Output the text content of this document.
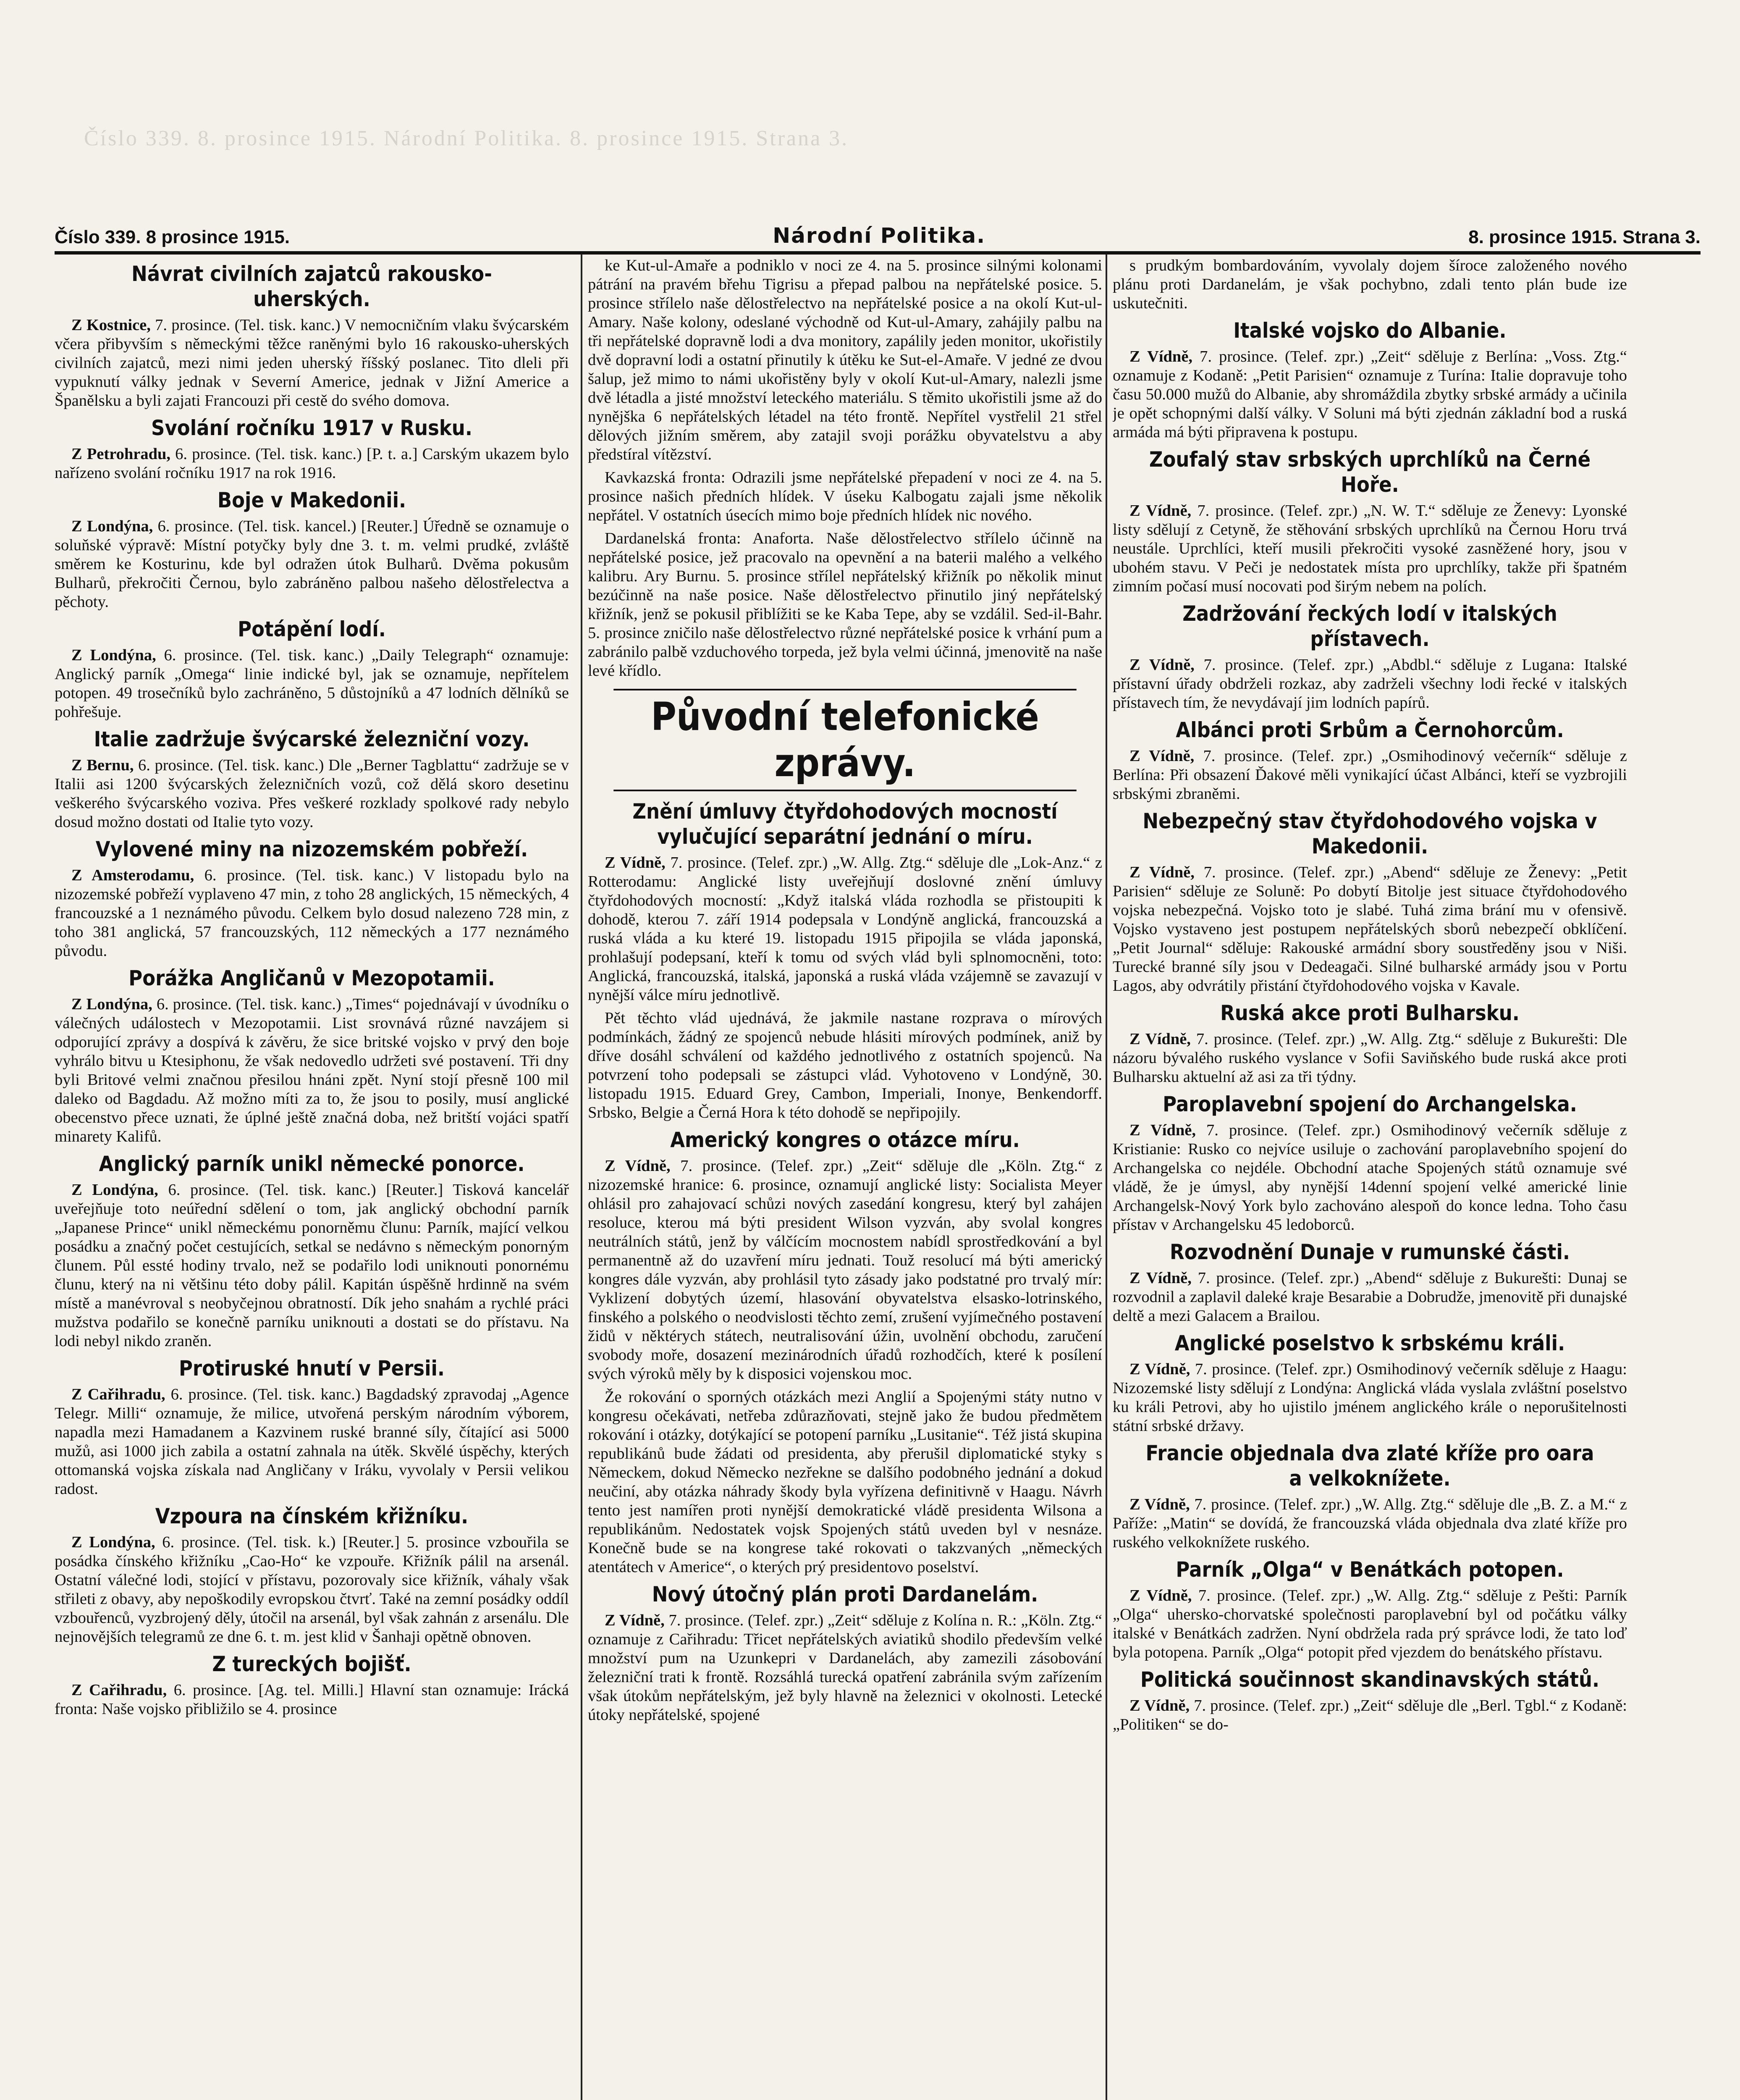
Číslo 339. 8. prosince 1915. Národní Politika. 8. prosince 1915. Strana 3.
Číslo 339. 8 prosince 1915.	Národní Politika.	8. prosince 1915. Strana 3.
Návrat civilních zajatců rakousko-uherských.

Z Kostnice, 7. prosince. (Tel. tisk. kanc.) V nemocničním vlaku švýcarském včera přibyvším s německými těžce raněnými bylo 16 rakousko-uherských civilních zajatců, mezi nimi jeden uherský říšský poslanec. Tito dleli při vypuknutí války jednak v Severní Americe, jednak v Jižní Americe a Španělsku a byli zajati Francouzi při cestě do svého domova.

Svolání ročníku 1917 v Rusku.

Z Petrohradu, 6. prosince. (Tel. tisk. kanc.) [P. t. a.] Carským ukazem bylo nařízeno svolání ročníku 1917 na rok 1916.

Boje v Makedonii.

Z Londýna, 6. prosince. (Tel. tisk. kancel.) [Reuter.] Úředně se oznamuje o soluňské výpravě: Místní potyčky byly dne 3. t. m. velmi prudké, zvláště směrem ke Kosturinu, kde byl odražen útok Bulharů. Dvěma pokusům Bulharů, překročiti Černou, bylo zabráněno palbou našeho dělostřelectva a pěchoty.

Potápění lodí.

Z Londýna, 6. prosince. (Tel. tisk. kanc.) „Daily Telegraph“ oznamuje: Anglický parník „Omega“ linie indické byl, jak se oznamuje, nepřítelem potopen. 49 trosečníků bylo zachráněno, 5 důstojníků a 47 lodních dělníků se pohřešuje.

Italie zadržuje švýcarské železniční vozy.

Z Bernu, 6. prosince. (Tel. tisk. kanc.) Dle „Berner Tagblattu“ zadržuje se v Italii asi 1200 švýcarských železničních vozů, což dělá skoro desetinu veškerého švýcarského vozivа. Přes veškeré rozklady spolkové rady nebylo dosud možno dostati od Italie tyto vozy.

Vylovené miny na nizozemském pobřeží.

Z Amsterodamu, 6. prosince. (Tel. tisk. kanc.) V listopadu bylo na nizozemské pobřeží vyplaveno 47 min, z toho 28 anglických, 15 německých, 4 francouzské a 1 neznámého původu. Celkem bylo dosud nalezeno 728 min, z toho 381 anglická, 57 francouzských, 112 německých a 177 neznámého původu.

Porážka Angličanů v Mezopotamii.

Z Londýna, 6. prosince. (Tel. tisk. kanc.) „Times“ pojednávají v úvodníku o válečných událostech v Mezopotamii. List srovnává různé navzájem si odporující zprávy a dospívá k závěru, že sice britské vojsko v prvý den boje vyhrálo bitvu u Ktesiphonu, že však nedovedlo udržeti své postavení. Tři dny byli Britové velmi značnou přesilou hnáni zpět. Nyní stojí přesně 100 mil daleko od Bagdadu. Až možno míti za to, že jsou to posily, musí anglické obecenstvo přece uznati, že úplné ještě značná doba, než britští vojáci spatří minarety Kalifů.

Anglický parník unikl německé ponorce.

Z Londýna, 6. prosince. (Tel. tisk. kanc.) [Reuter.] Tisková kancelář uveřejňuje toto neúřední sdělení o tom, jak anglický obchodní parník „Japanese Prince“ unikl německému ponorněmu člunu: Parník, mající velkou posádku a značný počet cestujících, setkal se nedávno s německým ponorným člunem. Půl essté hodiny trvalo, než se podařilo lodi uniknouti ponornému člunu, který na ni většinu této doby pálil. Kapitán úspěšně hrdinně na svém místě a manévroval s neobyčejnou obratností. Dík jeho snahám a rychlé práci mužstva podařilo se konečně parníku uniknouti a dostati se do přístavu. Na lodi nebyl nikdo zraněn.

Protiruské hnutí v Persii.

Z Cařihradu, 6. prosince. (Tel. tisk. kanc.) Bagdadský zpravodaj „Agence Telegr. Milli“ oznamuje, že milice, utvořená perským národním výborem, napadla mezi Hamadanem a Kazvinem ruské branné síly, čítající asi 5000 mužů, asi 1000 jich zabila a ostatní zahnala na útěk. Skvělé úspěchy, kterých ottomanská vojska získala nad Angličany v Iráku, vyvolaly v Persii velikou radost.

Vzpoura na čínském křižníku.

Z Londýna, 6. prosince. (Tel. tisk. k.) [Reuter.] 5. prosince vzbouřila se posádka čínského křižníku „Cao-Ho“ ke vzpouře. Křižník pálil na arsenál. Ostatní válečné lodi, stojící v přístavu, pozorovaly sice křižník, váhaly však střileti z obavy, aby nepoškodily evropskou čtvrť. Také na zemní posádky oddíl vzbouřenců, vyzbrojený děly, útočil na arsenál, byl však zahnán z arsenálu. Dle nejnovějších telegramů ze dne 6. t. m. jest klid v Šanhaji opětně obnoven.

Z tureckých bojišť.

Z Cařihradu, 6. prosince. [Ag. tel. Milli.] Hlavní stan oznamuje: Irácká fronta: Naše vojsko přibližilo se 4. prosince

ke Kut-ul-Amaře a podniklo v noci ze 4. na 5. prosince silnými kolonami pátrání na pravém břehu Tigrisu a přepad palbou na nepřátelské posice. 5. prosince střílelo naše dělostřelectvo na nepřátelské posice a na okolí Kut-ul-Amary. Naše kolony, odeslané východně od Kut-ul-Amary, zahájily palbu na tři nepřátelské dopravně lodi a dva monitory, zapálily jeden monitor, ukořistily dvě dopravní lodi a ostatní přinutily k útěku ke Sut-el-Amaře. V jedné ze dvou šalup, jež mimo to námi ukořistěny byly v okolí Kut-ul-Amary, nalezli jsme dvě létadla a jisté množství leteckého materiálu. S těmito ukořistili jsme až do nynějška 6 nepřátelských létadel na této frontě. Nepřítel vystřelil 21 střel dělových jižním směrem, aby zatajil svoji porážku obyvatelstvu a aby předstíral vítězství.

Kavkazská fronta: Odrazili jsme nepřátelské přepadení v noci ze 4. na 5. prosince našich předních hlídek. V úseku Kalbogatu zajali jsme několik nepřátel. V ostatních úsecích mimo boje předních hlídek nic nového.

Dardanelská fronta: Anaforta. Naše dělostřelectvo střílelo účinně na nepřátelské posice, jež pracovalo na opevnění a na baterii malého a velkého kalibru. Ary Burnu. 5. prosince střílel nepřátelský křižník po několik minut bezúčinně na naše posice. Naše dělostřelectvo přinutilo jiný nepřátelský křižník, jenž se pokusil přiblížiti se ke Kaba Tepe, aby se vzdálil. Sed-il-Bahr. 5. prosince zničilo naše dělostřelectvo různé nepřátelské posice k vrhání pum a zabránilo palbě vzduchového torpeda, jež byla velmi účinná, jmenovitě na naše levé křídlo.

Původní telefonické zprávy.
Znění úmluvy čtyřdohodových mocností vylučující separátní jednání o míru.

Z Vídně, 7. prosince. (Telef. zpr.) „W. Allg. Ztg.“ sděluje dle „Lok-Anz.“ z Rotterodamu: Anglické listy uveřejňují doslovné znění úmluvy čtyřdohodových mocností: „Když italská vláda rozhodla se přistoupiti k dohodě, kterou 7. září 1914 podepsala v Londýně anglická, francouzská a ruská vláda a ku které 19. listopadu 1915 připojila se vláda japonská, prohlašují podepsaní, kteří k tomu od svých vlád byli splnomocněni, toto: Anglická, francouzská, italská, japonská a ruská vláda vzájemně se zavazují v nynější válce míru jednotlivě.

Pět těchto vlád ujednává, že jakmile nastane rozprava o mírových podmínkách, žádný ze spojenců nebude hlásiti mírových podmínek, aniž by dříve dosáhl schválení od každého jednotlivého z ostatních spojenců. Na potvrzení toho podepsali se zástupci vlád. Vyhotoveno v Londýně, 30. listopadu 1915. Eduard Grey, Cambon, Imperiali, Inonye, Benkendorff. Srbsko, Belgie a Černá Hora k této dohodě se nepřipojily.

Americký kongres o otázce míru.

Z Vídně, 7. prosince. (Telef. zpr.) „Zeit“ sděluje dle „Köln. Ztg.“ z nizozemské hranice: 6. prosince, oznamují anglické listy: Socialista Meyer ohlásil pro zahajovací schůzi nových zasedání kongresu, který byl zahájen resoluce, kterou má býti president Wilson vyzván, aby svolal kongres neutrálních států, jenž by válčícím mocnostem nabídl sprostředkování a byl permanentně až do uzavření míru jednati. Touž resolucí má býti americký kongres dále vyzván, aby prohlásil tyto zásady jako podstatné pro trvalý mír: Vyklizení dobytých území, hlasování obyvatelstva elsasko-lotrinského, finského a polského o neodvislosti těchto zemí, zrušení vyjímečného postavení židů v něktérych státech, neutralisování úžin, uvolnění obchodu, zaručení svobody moře, dosazení mezinárodních úřadů rozhodčích, které k posílení svých výroků měly by k disposici vojenskou moc.

Že rokování o sporných otázkách mezi Anglií a Spojenými státy nutno v kongresu očekávati, netřeba zdůrazňovati, stejně jako že budou předmětem rokování i otázky, dotýkající se potopení parníku „Lusitanie“. Též jistá skupina republikánů bude žádati od presidenta, aby přerušil diplomatické styky s Německem, dokud Německo nezřekne se dalšího podobného jednání a dokud neučiní, aby otázka náhrady škody byla vyřízena definitivně v Haagu. Návrh tento jest namířen proti nynější demokratické vládě presidenta Wilsona a republikánům. Nedostatek vojsk Spojených států uveden byl v nesnáze. Konečně bude se na kongrese také rokovati o takzvaných „německých atentátech v Americe“, o kterých prý presidentovo poselství.

Nový útočný plán proti Dardanelám.

Z Vídně, 7. prosince. (Telef. zpr.) „Zeit“ sděluje z Kolína n. R.: „Köln. Ztg.“ oznamuje z Cařihradu: Třicet nepřátelských aviatiků shodilo především velké množství pum na Uzunkepri v Dardanelách, aby zamezili zásobování železniční trati k frontě. Rozsáhlá turecká opatření zabránila svým zařízením však útokům nepřátelským, jež byly hlavně na železnici v okolnosti. Letecké útoky nepřátelské, spojené

s prudkým bombardováním, vyvolaly dojem šíroce založeného nového plánu proti Dardanelám, je však pochybno, zdali tento plán bude ize uskutečniti.

Italské vojsko do Albanie.

Z Vídně, 7. prosince. (Telef. zpr.) „Zeit“ sděluje z Berlína: „Voss. Ztg.“ oznamuje z Kodaně: „Petit Parisien“ oznamuje z Turína: Italie dopravuje toho času 50.000 mužů do Albanie, aby shromáždila zbytky srbské armády a učinila je opět schopnými další války. V Soluni má býti zjednán základní bod a ruská armáda má býti připravena k postupu.

Zoufalý stav srbských uprchlíků na Černé Hoře.

Z Vídně, 7. prosince. (Telef. zpr.) „N. W. T.“ sděluje ze Ženevy: Lyonské listy sdělují z Cetyně, že stěhování srbských uprchlíků na Černou Horu trvá neustále. Uprchlíci, kteří musili překročiti vysoké zasněžené hory, jsou v ubohém stavu. V Peči je nedostatek místa pro uprchlíky, takže při špatném zimním počasí musí nocovati pod širým nebem na polích.

Zadržování řeckých lodí v italských přístavech.

Z Vídně, 7. prosince. (Telef. zpr.) „Abdbl.“ sděluje z Lugana: Italské přístavní úřady obdrželi rozkaz, aby zadrželi všechny lodi řecké v italských přístavech tím, že nevydávají jim lodních papírů.

Albánci proti Srbům a Černohorcům.

Z Vídně, 7. prosince. (Telef. zpr.) „Osmihodinový večerník“ sděluje z Berlína: Při obsazení Ďakové měli vynikající účast Albánci, kteří se vyzbrojili srbskými zbraněmi.

Nebezpečný stav čtyřdohodového vojska v Makedonii.

Z Vídně, 7. prosince. (Telef. zpr.) „Abend“ sděluje ze Ženevy: „Petit Parisien“ sděluje ze Soluně: Po dobytí Bitolje jest situace čtyřdohodového vojska nebezpečná. Vojsko toto je slabé. Tuhá zima brání mu v ofensivě. Vojsko vystaveno jest postupem nepřátelských sborů nebezpečí obklíčení. „Petit Journal“ sděluje: Rakouské armádní sbory soustředěny jsou v Niši. Turecké branné síly jsou v Dedeagači. Silné bulharské armády jsou v Portu Lagos, aby odvrátily přistání čtyřdohodového vojska v Kavale.

Ruská akce proti Bulharsku.

Z Vídně, 7. prosince. (Telef. zpr.) „W. Allg. Ztg.“ sděluje z Bukurešti: Dle názoru bývalého ruského vyslance v Sofii Saviňského bude ruská akce proti Bulharsku aktuelní až asi za tři týdny.

Paroplavební spojení do Archangelska.

Z Vídně, 7. prosince. (Telef. zpr.) Osmihodinový večerník sděluje z Kristianie: Rusko co nejvíce usiluje o zachování paroplavebního spojení do Archangelska co nejdéle. Obchodní atache Spojených států oznamuje své vládě, že je úmysl, aby nynější 14denní spojení velké americké linie Archangelsk-Nový York bylo zachováno alespoň do konce ledna. Toho času přístav v Archangelsku 45 ledoborců.

Rozvodnění Dunaje v rumunské části.

Z Vídně, 7. prosince. (Telef. zpr.) „Abend“ sděluje z Bukurešti: Dunaj se rozvodnil a zaplavil daleké kraje Besarabie a Dobrudže, jmenovitě při dunajské deltě a mezi Galacem a Brailou.

Anglické poselstvo k srbskému králi.

Z Vídně, 7. prosince. (Telef. zpr.) Osmihodinový večerník sděluje z Haagu: Nizozemské listy sdělují z Londýna: Anglická vláda vyslala zvláštní poselstvo ku králi Petrovi, aby ho ujistilo jménem anglického krále o neporušitelnosti státní srbské državy.

Francie objednala dva zlaté kříže pro oara a velkoknížete.

Z Vídně, 7. prosince. (Telef. zpr.) „W. Allg. Ztg.“ sděluje dle „B. Z. a M.“ z Paříže: „Matin“ se dovídá, že francouzská vláda objednala dva zlaté kříže pro ruského velkoknížete ruského.

Parník „Olga“ v Benátkách potopen.

Z Vídně, 7. prosince. (Telef. zpr.) „W. Allg. Ztg.“ sděluje z Pešti: Parník „Olga“ uhersko-chorvatské společnosti paroplavební byl od počátku války italské v Benátkách zadržen. Nyní obdržela rada prý správce lodi, že tato loď byla potopena. Parník „Olga“ potopit před vjezdem do benátského přístavu.

Politická součinnost skandinavských států.

Z Vídně, 7. prosince. (Telef. zpr.) „Zeit“ sděluje dle „Berl. Tgbl.“ z Kodaně: „Politiken“ se do-
